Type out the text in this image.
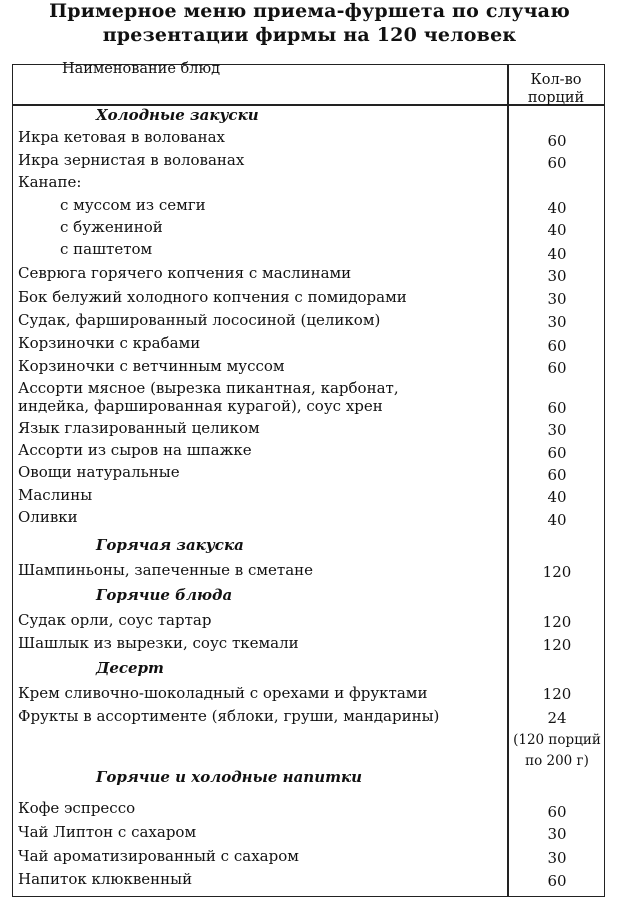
Примерное меню приема-фуршета по случаю
презентации фирмы на 120 человек
Наименование блюд
Кол-во
порций
Холодные закуски
Икра кетовая в волованах	60
Икра зернистая в волованах	60
Канапе:
с муссом из семги	40
с бужениной	40
с паштетом	40
Севрюга горячего копчения с маслинами	30
Бок белужий холодного копчения с помидорами	30
Судак, фаршированный лососиной (целиком)	30
Корзиночки с крабами	60
Корзиночки с ветчинным муссом	60
Ассорти мясное (вырезка пикантная, карбонат,
индейка, фаршированная курагой), соус хрен	60
Язык глазированный целиком	30
Ассорти из сыров на шпажке	60
Овощи натуральные	60
Маслины	40
Оливки	40
Горячая закуска
Шампиньоны, запеченные в сметане	120
Горячие блюда
Судак орли, соус тартар	120
Шашлык из вырезки, соус ткемали	120
Десерт
Крем сливочно-шоколадный с орехами и фруктами	120
Фрукты в ассортименте (яблоки, груши, мандарины)	24
(120 порций
по 200 г)
Горячие и холодные напитки
Кофе эспрессо	60
Чай Липтон с сахаром	30
Чай ароматизированный с сахаром	30
Напиток клюквенный	60
